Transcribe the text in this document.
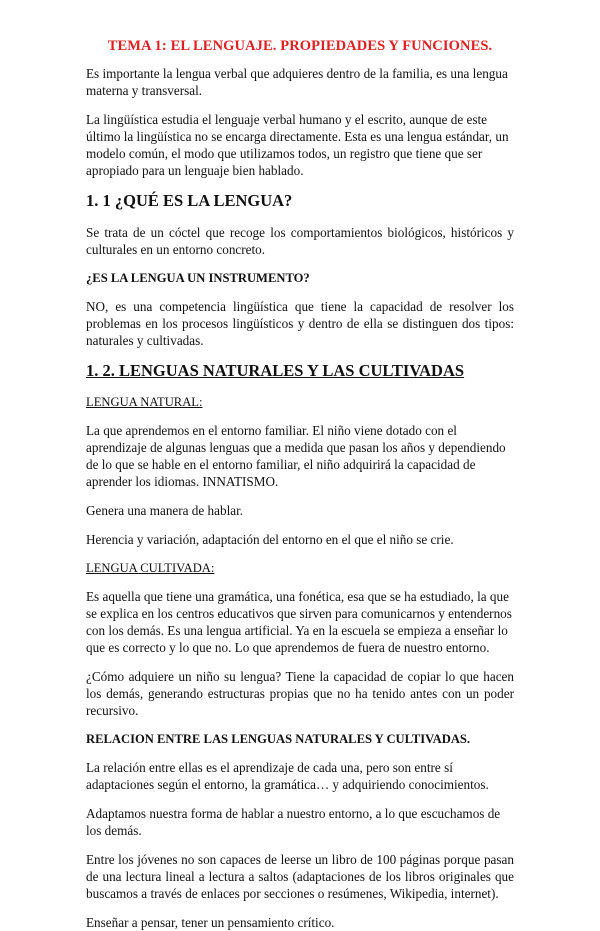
TEMA 1: EL LENGUAJE. PROPIEDADES Y FUNCIONES.

Es importante la lengua verbal que adquieres dentro de la familia, es una lengua materna y transversal.

La lingüística estudia el lenguaje verbal humano y el escrito, aunque de este último la lingüística no se encarga directamente. Esta es una lengua estándar, un modelo común, el modo que utilizamos todos, un registro que tiene que ser apropiado para un lenguaje bien hablado.

1. 1 ¿QUÉ ES LA LENGUA?

Se trata de un cóctel que recoge los comportamientos biológicos, históricos y culturales en un entorno concreto.

¿ES LA LENGUA UN INSTRUMENTO?

NO, es una competencia lingüística que tiene la capacidad de resolver los problemas en los procesos lingüísticos y dentro de ella se distinguen dos tipos: naturales y cultivadas.

1. 2. LENGUAS NATURALES Y LAS CULTIVADAS
LENGUA NATURAL:

La que aprendemos en el entorno familiar. El niño viene dotado con el aprendizaje de algunas lenguas que a medida que pasan los años y dependiendo de lo que se hable en el entorno familiar, el niño adquirirá la capacidad de aprender los idiomas. INNATISMO.

Genera una manera de hablar.

Herencia y variación, adaptación del entorno en el que el niño se crie.

LENGUA CULTIVADA:

Es aquella que tiene una gramática, una fonética, esa que se ha estudiado, la que se explica en los centros educativos que sirven para comunicarnos y entendernos con los demás. Es una lengua artificial. Ya en la escuela se empieza a enseñar lo que es correcto y lo que no. Lo que aprendemos de fuera de nuestro entorno.

¿Cómo adquiere un niño su lengua? Tiene la capacidad de copiar lo que hacen los demás, generando estructuras propias que no ha tenido antes con un poder recursivo.

RELACION ENTRE LAS LENGUAS NATURALES Y CULTIVADAS.

La relación entre ellas es el aprendizaje de cada una, pero son entre sí adaptaciones según el entorno, la gramática… y adquiriendo conocimientos.

Adaptamos nuestra forma de hablar a nuestro entorno, a lo que escuchamos de los demás.

Entre los jóvenes no son capaces de leerse un libro de 100 páginas porque pasan de una lectura lineal a lectura a saltos (adaptaciones de los libros originales que buscamos a través de enlaces por secciones o resúmenes, Wikipedia, internet).

Enseñar a pensar, tener un pensamiento crítico.
